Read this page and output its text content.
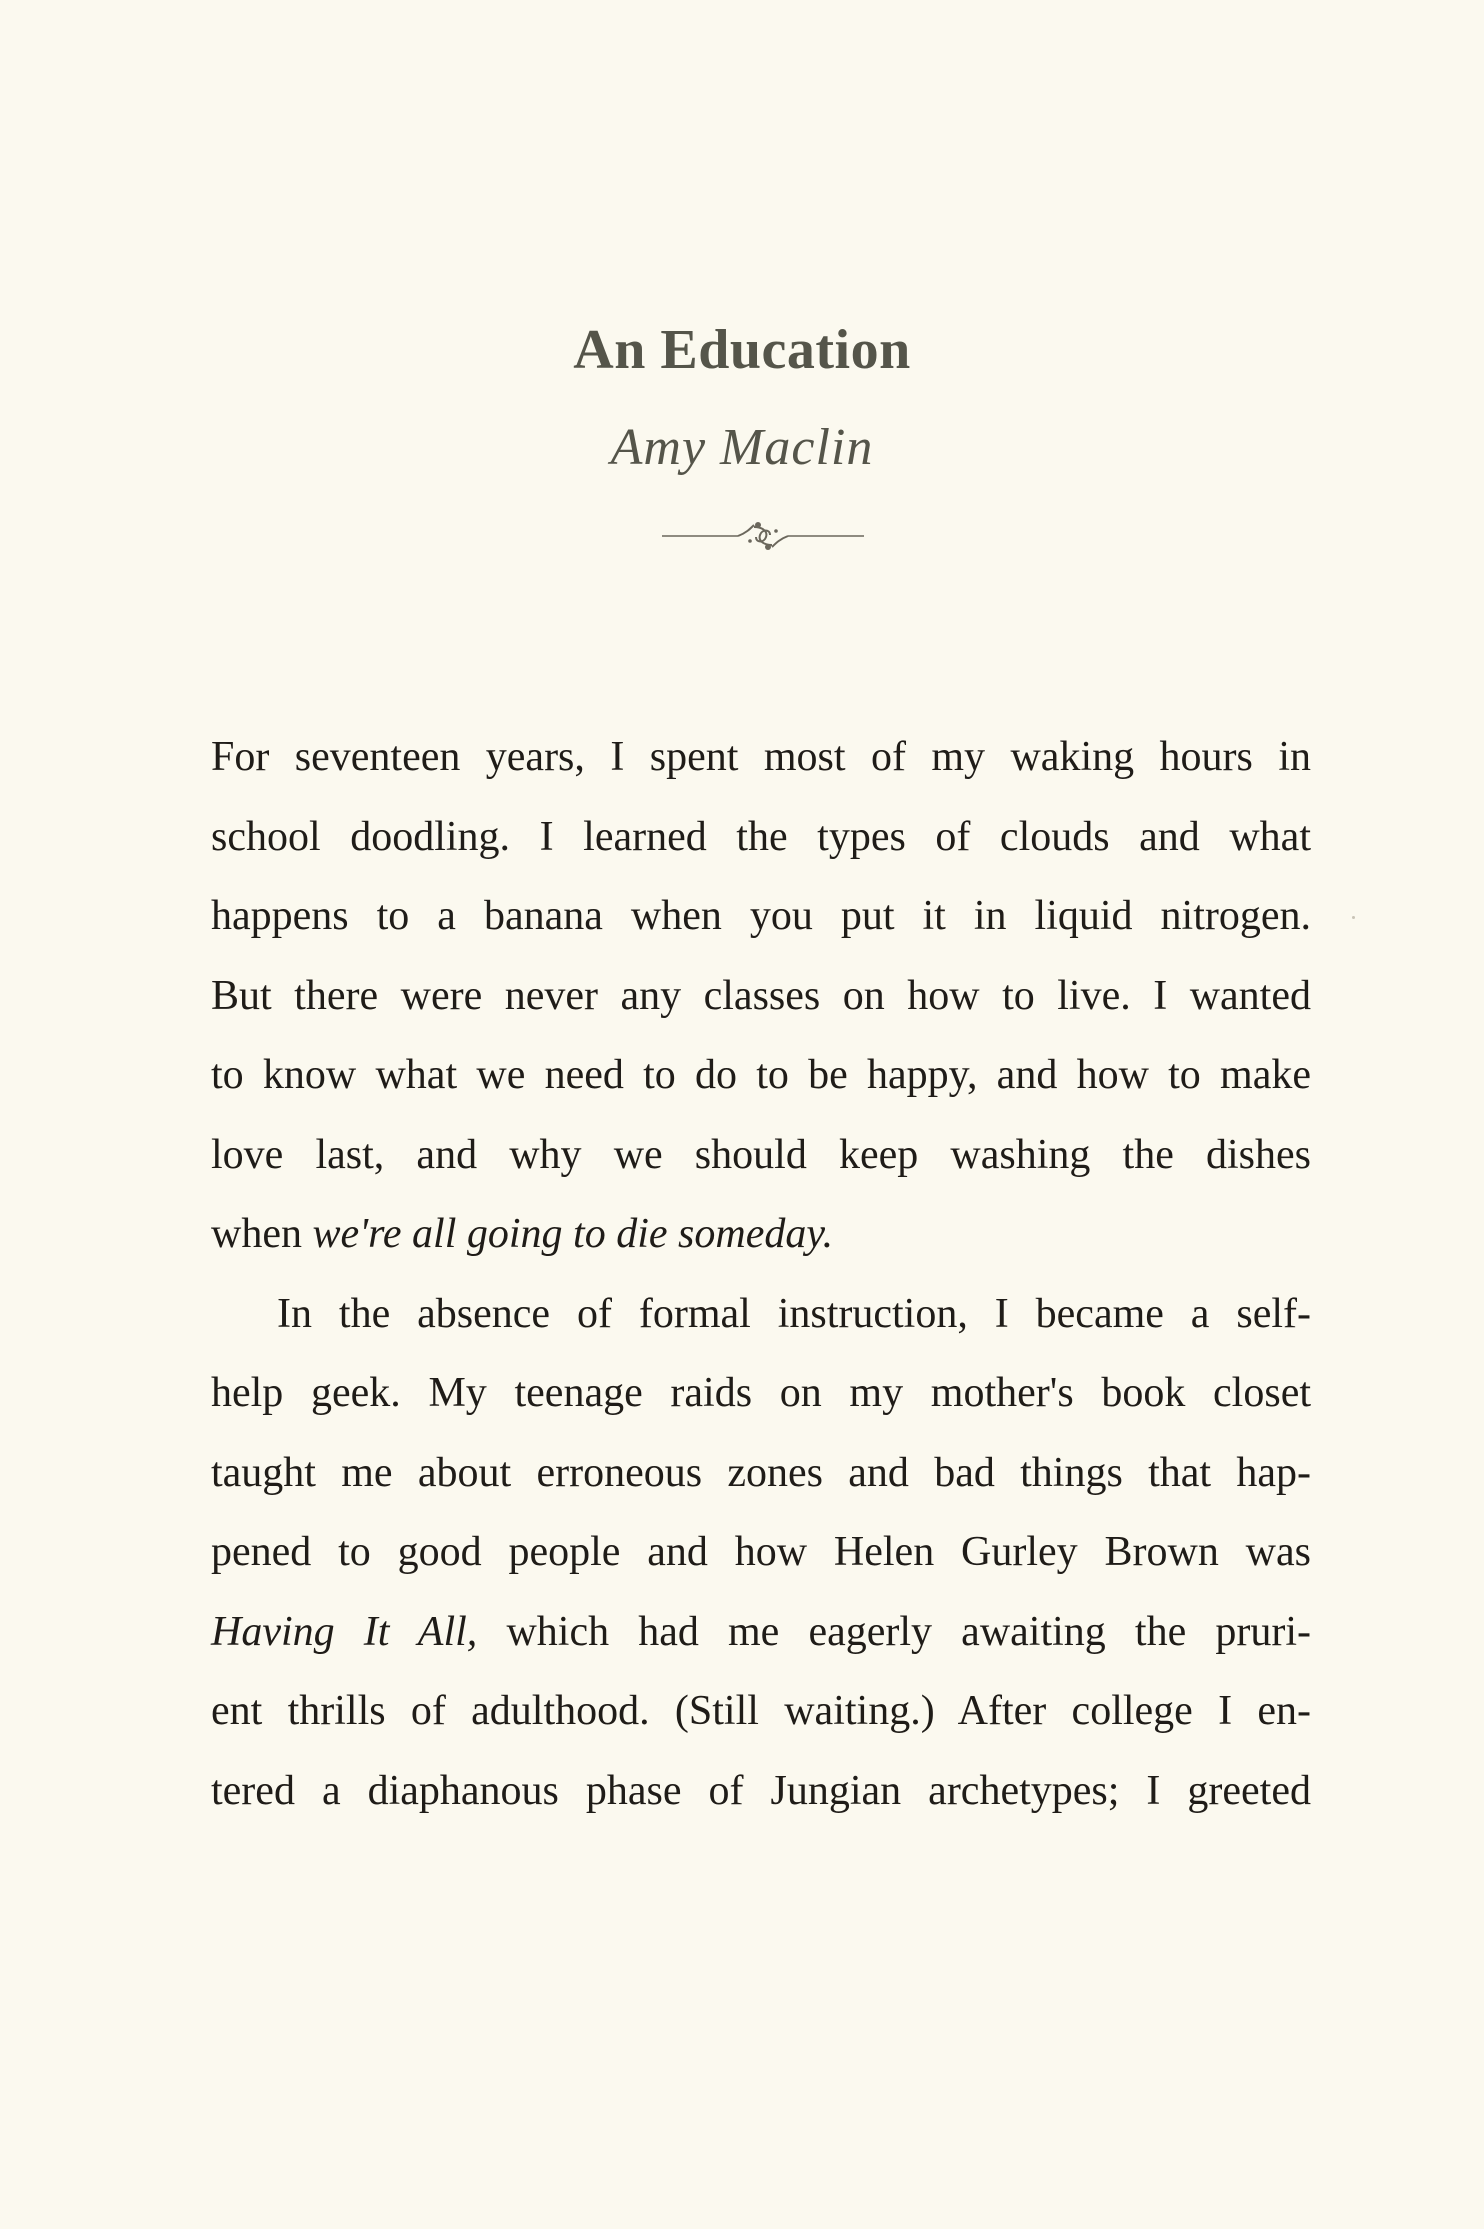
An Education
Amy Maclin
For seventeen years, I spent most of my waking hours in
school doodling. I learned the types of clouds and what
happens to a banana when you put it in liquid nitrogen.
But there were never any classes on how to live. I wanted
to know what we need to do to be happy, and how to make
love last, and why we should keep washing the dishes
when we're all going to die someday.
In the absence of formal instruction, I became a self-
help geek. My teenage raids on my mother's book closet
taught me about erroneous zones and bad things that hap-
pened to good people and how Helen Gurley Brown was
Having It All, which had me eagerly awaiting the pruri-
ent thrills of adulthood. (Still waiting.) After college I en-
tered a diaphanous phase of Jungian archetypes; I greeted
